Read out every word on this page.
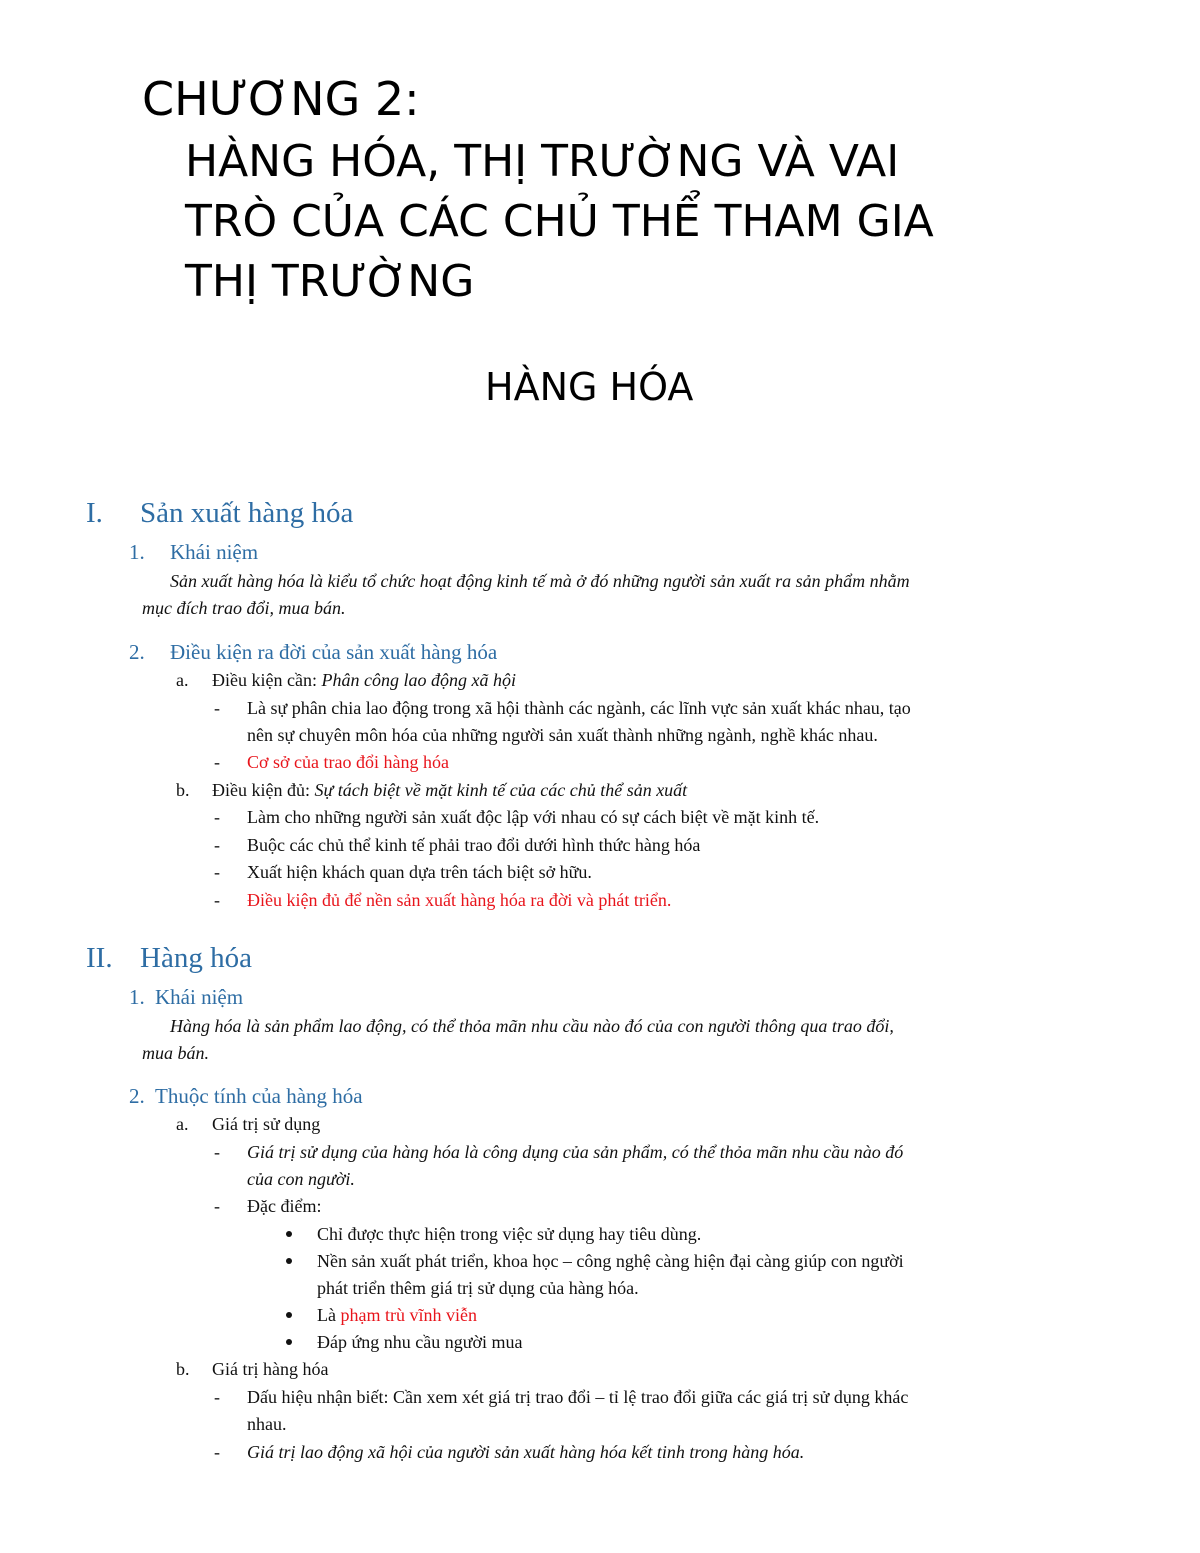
CHƯƠNG 2:
HÀNG HÓA, THỊ TRƯỜNG VÀ VAI
TRÒ CỦA CÁC CHỦ THỂ THAM GIA
THỊ TRƯỜNG
HÀNG HÓA
I. Sản xuất hàng hóa
1. Khái niệm
Sản xuất hàng hóa là kiểu tổ chức hoạt động kinh tế mà ở đó những người sản xuất ra sản phẩm nhằm
mục đích trao đổi, mua bán.
2. Điều kiện ra đời của sản xuất hàng hóa
a. Điều kiện cần: Phân công lao động xã hội
- Là sự phân chia lao động trong xã hội thành các ngành, các lĩnh vực sản xuất khác nhau, tạo
nên sự chuyên môn hóa của những người sản xuất thành những ngành, nghề khác nhau.
- Cơ sở của trao đổi hàng hóa
b. Điều kiện đủ: Sự tách biệt về mặt kinh tế của các chủ thể sản xuất
- Làm cho những người sản xuất độc lập với nhau có sự cách biệt về mặt kinh tế.
- Buộc các chủ thể kinh tế phải trao đổi dưới hình thức hàng hóa
- Xuất hiện khách quan dựa trên tách biệt sở hữu.
- Điều kiện đủ để nền sản xuất hàng hóa ra đời và phát triển.
II. Hàng hóa
1. Khái niệm
Hàng hóa là sản phẩm lao động, có thể thỏa mãn nhu cầu nào đó của con người thông qua trao đổi,
mua bán.
2. Thuộc tính của hàng hóa
a. Giá trị sử dụng
- Giá trị sử dụng của hàng hóa là công dụng của sản phẩm, có thể thỏa mãn nhu cầu nào đó
của con người.
- Đặc điểm:
Chỉ được thực hiện trong việc sử dụng hay tiêu dùng.
Nền sản xuất phát triển, khoa học – công nghệ càng hiện đại càng giúp con người
phát triển thêm giá trị sử dụng của hàng hóa.
Là phạm trù vĩnh viễn
Đáp ứng nhu cầu người mua
b. Giá trị hàng hóa
- Dấu hiệu nhận biết: Cần xem xét giá trị trao đổi – tỉ lệ trao đổi giữa các giá trị sử dụng khác
nhau.
- Giá trị lao động xã hội của người sản xuất hàng hóa kết tinh trong hàng hóa.
